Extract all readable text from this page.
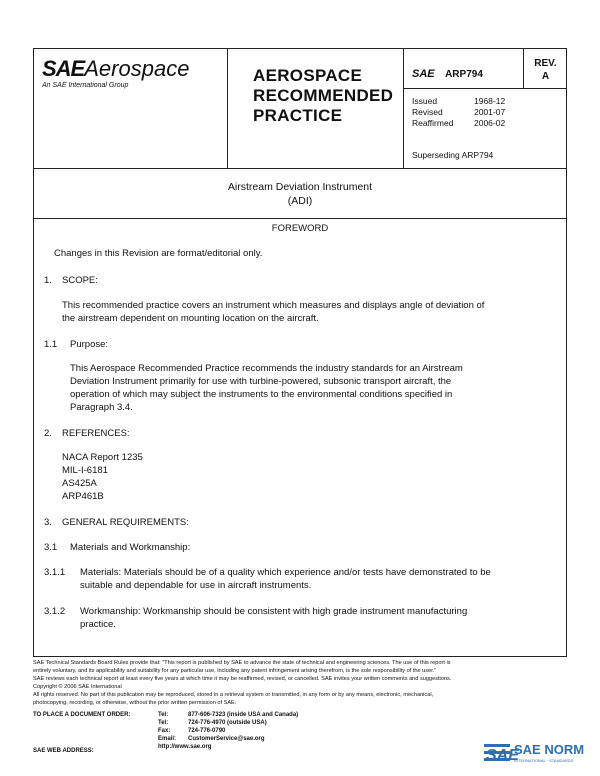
SAEAerospace
An SAE International Group
AEROSPACE
RECOMMENDED
PRACTICE
SAE ARP794
REV.
A
Issued	1968-12
Revised	2001-07
Reaffirmed 2006-02
Superseding ARP794
Airstream Deviation Instrument
(ADI)
FOREWORD
Changes in this Revision are format/editorial only.
1. SCOPE:
This recommended practice covers an instrument which measures and displays angle of deviation of
the airstream dependent on mounting location on the aircraft.
1.1 Purpose:
This Aerospace Recommended Practice recommends the industry standards for an Airstream
Deviation Instrument primarily for use with turbine-powered, subsonic transport aircraft, the
operation of which may subject the instruments to the environmental conditions specified in
Paragraph 3.4.
2. REFERENCES:
NACA Report 1235
MIL-I-6181
AS425A
ARP461B
3. GENERAL REQUIREMENTS:
3.1 Materials and Workmanship:
3.1.1 Materials: Materials should be of a quality which experience and/or tests have demonstrated to be
suitable and dependable for use in aircraft instruments.
3.1.2 Workmanship: Workmanship should be consistent with high grade instrument manufacturing
practice.
SAE Technical Standards Board Rules provide that: "This report is published by SAE to advance the state of technical and engineering sciences. The use of this report is
entirely voluntary, and its applicability and suitability for any particular use, including any patent infringement arising therefrom, is the sole responsibility of the user."
SAE reviews each technical report at least every five years at which time it may be reaffirmed, revised, or cancelled. SAE invites your written comments and suggestions.
Copyright © 2006 SAE International
All rights reserved. No part of this publication may be reproduced, stored in a retrieval system or transmitted, in any form or by any means, electronic, mechanical,
photocopying, recording, or otherwise, without the prior written permission of SAE.
TO PLACE A DOCUMENT ORDER:	Tel:	877-606-7323 (inside USA and Canada)
Tel:	724-776-4970 (outside USA)
Fax:	724-776-0790
Email: CustomerService@sae.org
http://www.sae.org
SAE WEB ADDRESS:	SAE
SAE NORM
INTERNATIONAL · STANDARDS
